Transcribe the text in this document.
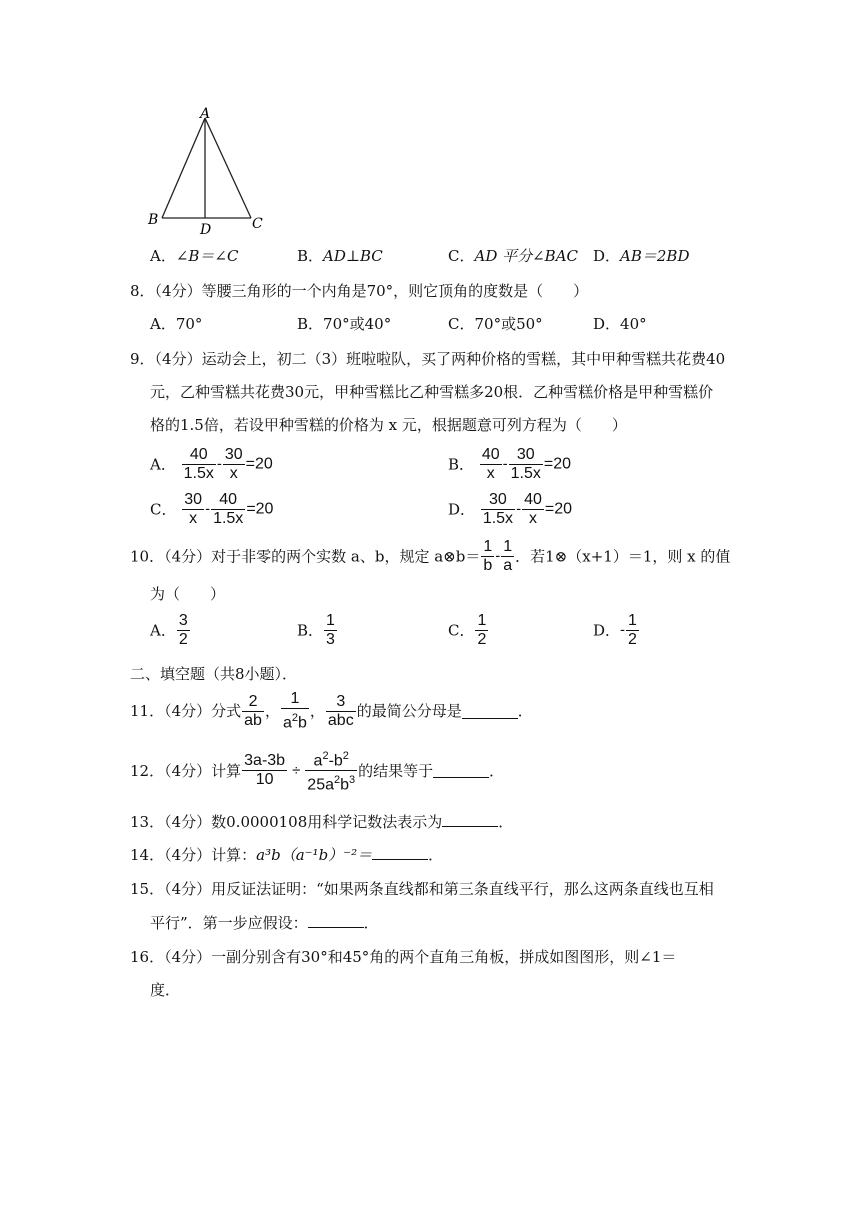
A
B	C
D
A．∠B＝∠C	B．AD⊥BC	C．AD 平分∠BAC D．AB＝2BD
8．（4分）等腰三角形的一个内角是70°，则它顶角的度数是（　　）
A．70°	B．70°或40°	C．70°或50°	D．40°
9．（4分）运动会上，初二（3）班啦啦队，买了两种价格的雪糕，其中甲种雪糕共花费40
元，乙种雪糕共花费30元，甲种雪糕比乙种雪糕多20根．乙种雪糕价格是甲种雪糕价
格的1.5倍，若设甲种雪糕的价格为 x 元，根据题意可列方程为（　　）
A． $\frac{40}{1.5x} - \frac{30}{x} =20$	B． $\frac{40}{x} - \frac{30}{1.5x} =20$
C． $\frac{30}{x} - \frac{40}{1.5x} =20$	D． $\frac{30}{1.5x} - \frac{40}{x} =20$
10．（4分）对于非零的两个实数 a、b，规定 a⊗b＝ $\frac{1}{b} - \frac{1}{a}$ ．若1⊗（x+1）＝1，则 x 的值
为（　　）
A． $\frac{3}{2}$	B． $\frac{1}{3}$	C． $\frac{1}{2}$	D．- $\frac{1}{2}$
二、填空题（共8小题）．
11．（4分）分式 $\frac{2}{ab}$ ， $\frac{1}{a^2b}$ ， $\frac{3}{\text{abc}}$ 的最简公分母是	．
12．（4分）计算 $\frac{3a-3b}{10} \div \frac{a^2-b^2}{25a^2b^3}$ 的结果等于	．
13．（4分）数0.0000108用科学记数法表示为	．
14．（4分）计算：a³b（a⁻¹b）⁻²＝	．
15．（4分）用反证法证明：“如果两条直线都和第三条直线平行，那么这两条直线也互相
平行”．第一步应假设：	．
16．（4分）一副分别含有30°和45°角的两个直角三角板，拼成如图图形，则∠1＝
度．
